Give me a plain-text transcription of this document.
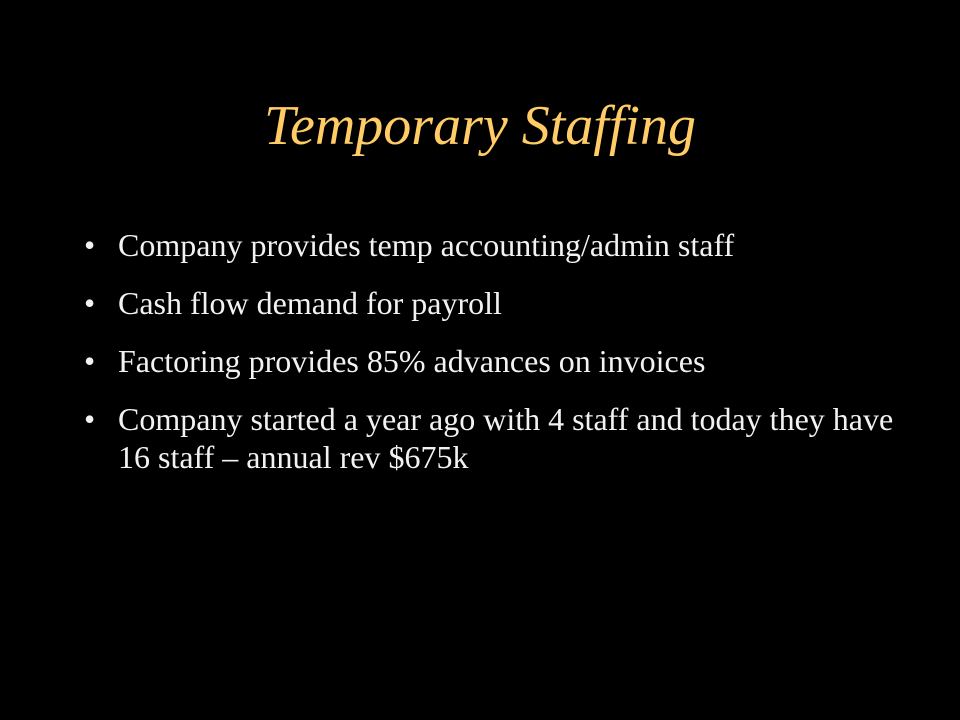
Temporary Staffing
• Company provides temp accounting/admin staff
• Cash flow demand for payroll
• Factoring provides 85% advances on invoices
• Company started a year ago with 4 staff and today they have 16 staff – annual rev $675k
